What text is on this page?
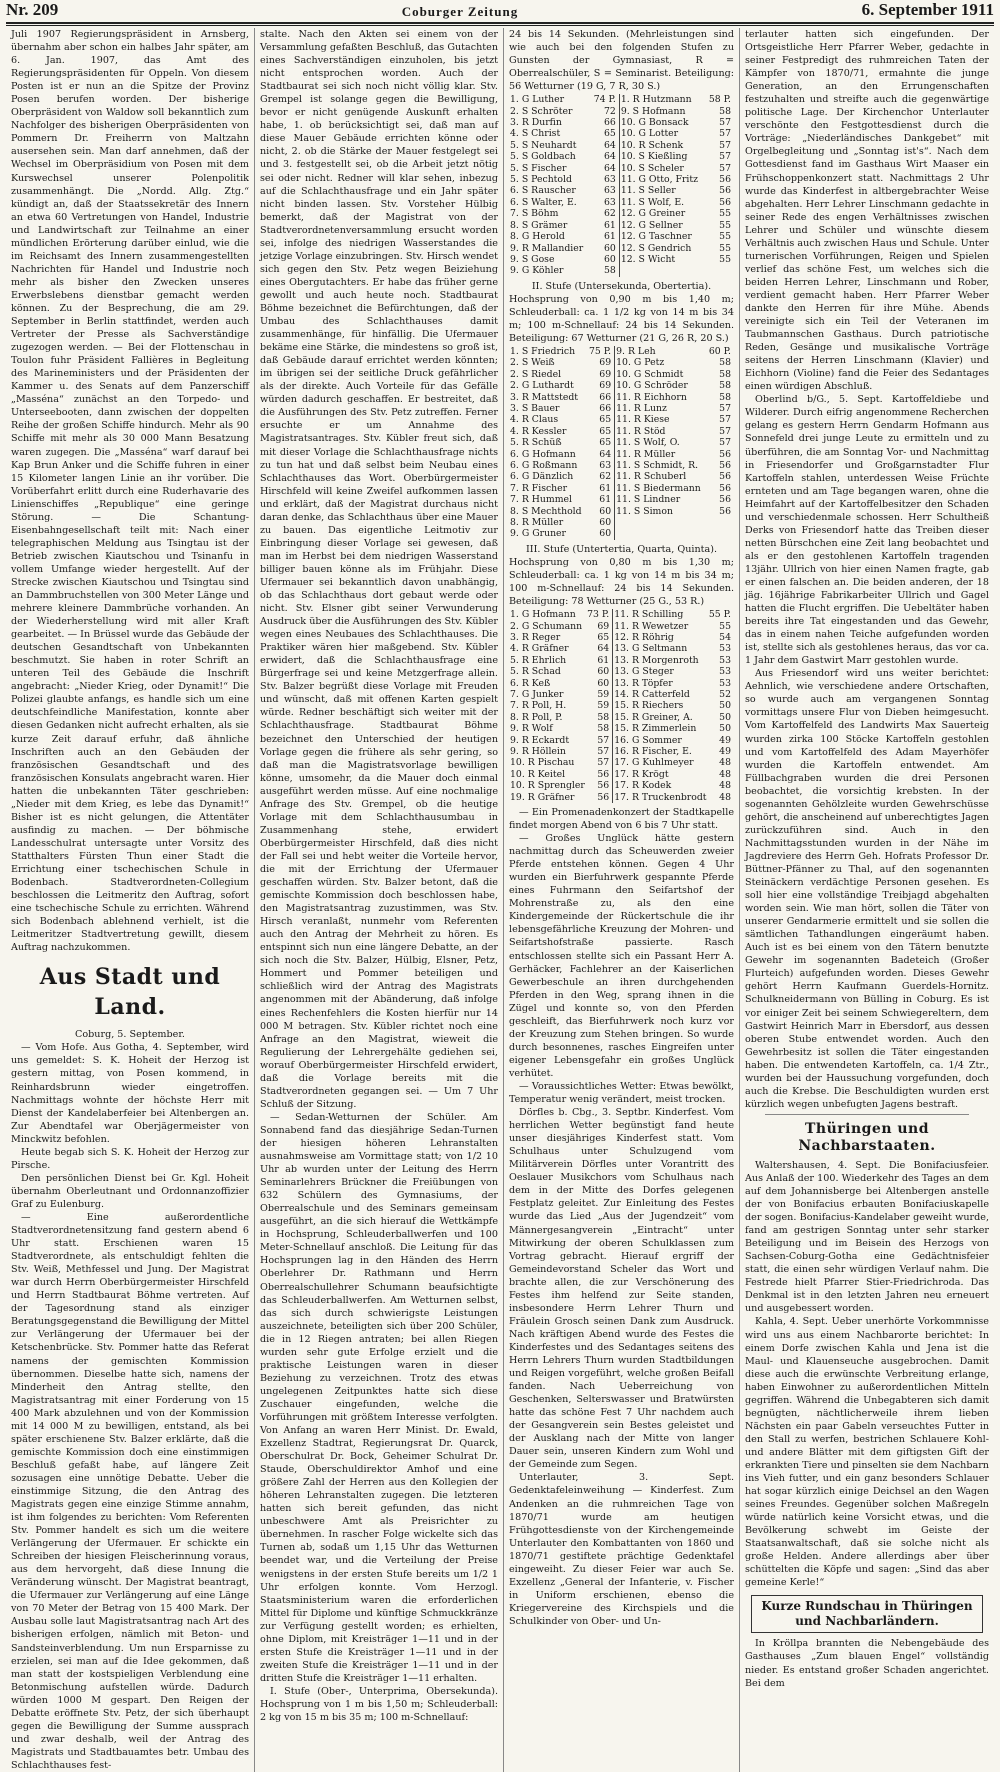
Nr. 209	Coburger Zeitung	6. September 1911

Juli 1907 Regierungspräsident in Arnsberg, übernahm aber schon ein halbes Jahr später, am 6. Jan. 1907, das Amt des Regierungspräsidenten für Oppeln. Von diesem Posten ist er nun an die Spitze der Provinz Posen berufen worden. Der bisherige Oberpräsident von Waldow soll bekanntlich zum Nachfolger des bisherigen Oberpräsidenten von Pommern Dr. Freiherrn von Maltzahn ausersehen sein. Man darf annehmen, daß der Wechsel im Oberpräsidium von Posen mit dem Kurswechsel unserer Polenpolitik zusammenhängt. Die „Nordd. Allg. Ztg.“ kündigt an, daß der Staatssekretär des Innern an etwa 60 Vertretungen von Handel, Industrie und Landwirtschaft zur Teilnahme an einer mündlichen Erörterung darüber einlud, wie die im Reichsamt des Innern zusammengestellten Nachrichten für Handel und Industrie noch mehr als bisher den Zwecken unseres Erwerbslebens dienstbar gemacht werden können. Zu der Besprechung, die am 29. September in Berlin stattfindet, werden auch Vertreter der Presse als Sachverständige zugezogen werden. — Bei der Flottenschau in Toulon fuhr Präsident Fallières in Begleitung des Marineministers und der Präsidenten der Kammer u. des Senats auf dem Panzerschiff „Masséna“ zunächst an den Torpedo- und Unterseebooten, dann zwischen der doppelten Reihe der großen Schiffe hindurch. Mehr als 90 Schiffe mit mehr als 30 000 Mann Besatzung waren zugegen. Die „Masséna“ warf darauf bei Kap Brun Anker und die Schiffe fuhren in einer 15 Kilometer langen Linie an ihr vorüber. Die Vorüberfahrt erlitt durch eine Ruderhavarie des Linienschiffes „Republique“ eine geringe Störung. — Die Schantung-Eisenbahngesellschaft teilt mit: Nach einer telegraphischen Meldung aus Tsingtau ist der Betrieb zwischen Kiautschou und Tsinanfu in vollem Umfange wieder hergestellt. Auf der Strecke zwischen Kiautschou und Tsingtau sind an Dammbruchstellen von 300 Meter Länge und mehrere kleinere Dammbrüche vorhanden. An der Wiederherstellung wird mit aller Kraft gearbeitet. — In Brüssel wurde das Gebäude der deutschen Gesandtschaft von Unbekannten beschmutzt. Sie haben in roter Schrift an unteren Teil des Gebäude die Inschrift angebracht: „Nieder Krieg, oder Dynamit!“ Die Polizei glaubte anfangs, es handle sich um eine deutschfeindliche Manifestation, konnte aber diesen Gedanken nicht aufrecht erhalten, als sie kurze Zeit darauf erfuhr, daß ähnliche Inschriften auch an den Gebäuden der französischen Gesandtschaft und des französischen Konsulats angebracht waren. Hier hatten die unbekannten Täter geschrieben: „Nieder mit dem Krieg, es lebe das Dynamit!“ Bisher ist es nicht gelungen, die Attentäter ausfindig zu machen. — Der böhmische Landesschulrat untersagte unter Vorsitz des Statthalters Fürsten Thun einer Stadt die Errichtung einer tschechischen Schule in Bodenbach. Stadtverordneten-Collegium beschlossen die Leitmeritz den Auftrag, sofort eine tschechische Schule zu errichten. Während sich Bodenbach ablehnend verhielt, ist die Leitmeritzer Stadtvertretung gewillt, diesem Auftrag nachzukommen.

Aus Stadt und Land.

Coburg, 5. September.

— Vom Hofe. Aus Gotha, 4. September, wird uns gemeldet: S. K. Hoheit der Herzog ist gestern mittag, von Posen kommend, in Reinhardsbrunn wieder eingetroffen. Nachmittags wohnte der höchste Herr mit Dienst der Kandelaberfeier bei Altenbergen an. Zur Abendtafel war Oberjägermeister von Minckwitz befohlen.

Heute begab sich S. K. Hoheit der Herzog zur Pirsche.

Den persönlichen Dienst bei Gr. Kgl. Hoheit übernahm Oberleutnant und Ordonnanzoffizier Graf zu Eulenburg.

— Eine außerordentliche Stadtverordnetensitzung fand gestern abend 6 Uhr statt. Erschienen waren 15 Stadtverordnete, als entschuldigt fehlten die Stv. Weiß, Methfessel und Jung. Der Magistrat war durch Herrn Oberbürgermeister Hirschfeld und Herrn Stadtbaurat Böhme vertreten. Auf der Tagesordnung stand als einziger Beratungsgegenstand die Bewilligung der Mittel zur Verlängerung der Ufermauer bei der Ketschenbrücke. Stv. Pommer hatte das Referat namens der gemischten Kommission übernommen. Dieselbe hatte sich, namens der Minderheit den Antrag stellte, den Magistratsantrag mit einer Forderung von 15 400 Mark abzulehnen und von der Kommission mit 14 000 M zu bewilligen, entstand, als bei später erschienene Stv. Balzer erklärte, daß die gemischte Kommission doch eine einstimmigen Beschluß gefaßt habe, auf längere Zeit sozusagen eine unnötige Debatte. Ueber die einstimmige Sitzung, die den Antrag des Magistrats gegen eine einzige Stimme annahm, ist ihm folgendes zu berichten: Vom Referenten Stv. Pommer handelt es sich um die weitere Verlängerung der Ufermauer. Er schickte ein Schreiben der hiesigen Fleischerinnung voraus, aus dem hervorgeht, daß diese Innung die Veränderung wünscht. Der Magistrat beantragt, die Ufermauer zur Verlängerung auf eine Länge von 70 Meter der Betrag von 15 400 Mark. Der Ausbau solle laut Magistratsantrag nach Art des bisherigen erfolgen, nämlich mit Beton- und Sandsteinverblendung. Um nun Ersparnisse zu erzielen, sei man auf die Idee gekommen, daß man statt der kostspieligen Verblendung eine Betonmischung aufstellen würde. Dadurch würden 1000 M gespart. Den Reigen der Debatte eröffnete Stv. Petz, der sich überhaupt gegen die Bewilligung der Summe aussprach und zwar deshalb, weil der Antrag des Magistrats und Stadtbauamtes betr. Umbau des Schlachthauses fest-

stalte. Nach den Akten sei einem von der Versammlung gefaßten Beschluß, das Gutachten eines Sachverständigen einzuholen, bis jetzt nicht entsprochen worden. Auch der Stadtbaurat sei sich noch nicht völlig klar. Stv. Grempel ist solange gegen die Bewilligung, bevor er nicht genügende Auskunft erhalten habe, 1. ob berücksichtigt sei, daß man auf diese Mauer Gebäude errichten könne oder nicht, 2. ob die Stärke der Mauer festgelegt sei und 3. festgestellt sei, ob die Arbeit jetzt nötig sei oder nicht. Redner will klar sehen, inbezug auf die Schlachthausfrage und ein Jahr später nicht binden lassen. Stv. Vorsteher Hülbig bemerkt, daß der Magistrat von der Stadtverordnetenversammlung ersucht worden sei, infolge des niedrigen Wasserstandes die jetzige Vorlage einzubringen. Stv. Hirsch wendet sich gegen den Stv. Petz wegen Beiziehung eines Obergutachters. Er habe das früher gerne gewollt und auch heute noch. Stadtbaurat Böhme bezeichnet die Befürchtungen, daß der Umbau des Schlachthauses damit zusammenhänge, für hinfällig. Die Ufermauer bekäme eine Stärke, die mindestens so groß ist, daß Gebäude darauf errichtet werden könnten; im übrigen sei der seitliche Druck gefährlicher als der direkte. Auch Vorteile für das Gefälle würden dadurch geschaffen. Er bestreitet, daß die Ausführungen des Stv. Petz zutreffen. Ferner ersuchte er um Annahme des Magistratsantrages. Stv. Kübler freut sich, daß mit dieser Vorlage die Schlachthausfrage nichts zu tun hat und daß selbst beim Neubau eines Schlachthauses das Wort. Oberbürgermeister Hirschfeld will keine Zweifel aufkommen lassen und erklärt, daß der Magistrat durchaus nicht daran denke, das Schlachthaus über eine Mauer zu bauen. Das eigentliche Leitmotiv zur Einbringung dieser Vorlage sei gewesen, daß man im Herbst bei dem niedrigen Wasserstand billiger bauen könne als im Frühjahr. Diese Ufermauer sei bekanntlich davon unabhängig, ob das Schlachthaus dort gebaut werde oder nicht. Stv. Elsner gibt seiner Verwunderung Ausdruck über die Ausführungen des Stv. Kübler wegen eines Neubaues des Schlachthauses. Die Praktiker wären hier maßgebend. Stv. Kübler erwidert, daß die Schlachthausfrage eine Bürgerfrage sei und keine Metzgerfrage allein. Stv. Balzer begrüßt diese Vorlage mit Freuden und wünscht, daß mit offenen Karten gespielt würde. Redner beschäftigt sich weiter mit der Schlachthausfrage. Stadtbaurat Böhme bezeichnet den Unterschied der heutigen Vorlage gegen die frühere als sehr gering, so daß man die Magistratsvorlage bewilligen könne, umsomehr, da die Mauer doch einmal ausgeführt werden müsse. Auf eine nochmalige Anfrage des Stv. Grempel, ob die heutige Vorlage mit dem Schlachthausumbau in Zusammenhang stehe, erwidert Oberbürgermeister Hirschfeld, daß dies nicht der Fall sei und hebt weiter die Vorteile hervor, die mit der Errichtung der Ufermauer geschaffen würden. Stv. Balzer betont, daß die gemischte Kommission doch beschlossen habe, den Magistratsantrag zuzustimmen, was Stv. Hirsch veranlaßt, nunmehr vom Referenten auch den Antrag der Mehrheit zu hören. Es entspinnt sich nun eine längere Debatte, an der sich noch die Stv. Balzer, Hülbig, Elsner, Petz, Hommert und Pommer beteiligen und schließlich wird der Antrag des Magistrats angenommen mit der Abänderung, daß infolge eines Rechenfehlers die Kosten hierfür nur 14 000 M betragen. Stv. Kübler richtet noch eine Anfrage an den Magistrat, wieweit die Regulierung der Lehrergehälte gediehen sei, worauf Oberbürgermeister Hirschfeld erwidert, daß die Vorlage bereits mit die Stadtverordneten gegangen sei. — Um 7 Uhr Schluß der Sitzung.

— Sedan-Wetturnen der Schüler. Am Sonnabend fand das diesjährige Sedan-Turnen der hiesigen höheren Lehranstalten ausnahmsweise am Vormittage statt; von 1/2 10 Uhr ab wurden unter der Leitung des Herrn Seminarlehrers Brückner die Freiübungen von 632 Schülern des Gymnasiums, der Oberrealschule und des Seminars gemeinsam ausgeführt, an die sich hierauf die Wettkämpfe in Hochsprung, Schleuderballwerfen und 100 Meter-Schnellauf anschloß. Die Leitung für das Hochsprungen lag in den Händen des Herrn Oberlehrer Dr. Rathmann und Herrn Oberrealschullehrer Schumann beaufsichtigte das Schleuderballwerfen. Am Wetturnen selbst, das sich durch schwierigste Leistungen auszeichnete, beteiligten sich über 200 Schüler, die in 12 Riegen antraten; bei allen Riegen wurden sehr gute Erfolge erzielt und die praktische Leistungen waren in dieser Beziehung zu verzeichnen. Trotz des etwas ungelegenen Zeitpunktes hatte sich diese Zuschauer eingefunden, welche die Vorführungen mit größtem Interesse verfolgten. Von Anfang an waren Herr Minist. Dr. Ewald, Exzellenz Stadtrat, Regierungsrat Dr. Quarck, Oberschulrat Dr. Bock, Geheimer Schulrat Dr. Staude, Oberschuldirektor Amhof und eine größere Zahl der Herren aus den Kollegien der höheren Lehranstalten zugegen. Die letzteren hatten sich bereit gefunden, das nicht unbeschwere Amt als Preisrichter zu übernehmen. In rascher Folge wickelte sich das Turnen ab, sodaß um 1,15 Uhr das Wetturnen beendet war, und die Verteilung der Preise wenigstens in der ersten Stufe bereits um 1/2 1 Uhr erfolgen konnte. Vom Herzogl. Staatsministerium waren die erforderlichen Mittel für Diplome und künftige Schmuckkränze zur Verfügung gestellt worden; es erhielten, ohne Diplom, mit Kreisträger 1—11 und in der ersten Stufe die Kreisträger 1—11 und in der zweiten Stufe die Kreisträger 1—11 und in der dritten Stufe die Kreisträger 1—11 erhalten.

I. Stufe (Ober-, Unterprima, Obersekunda). Hochsprung von 1 m bis 1,50 m; Schleuderball: 2 kg von 15 m bis 35 m; 100 m-Schnellauf:

24 bis 14 Sekunden. (Mehrleistungen sind wie auch bei den folgenden Stufen zu Gunsten der Gymnasiast, R = Oberrealschüler, S = Seminarist. Beteiligung: 56 Wetturner (19 G, 7 R, 30 S.)

1. G Luther	74 P.	1. R Hutzmann	58 P.
2. S Schröter	72	9. S Hofmann	58
3. R Durfin	66	10. G Bonsack	57
4. S Christ	65	10. G Lotter	57
5. S Neuhardt	64	10. R Schenk	57
5. S Goldbach	64	10. S Kießling	57
5. S Fischer	64	10. S Scheler	57
5. S Pechtold	63	11. G Otto, Fritz	56
6. S Rauscher	63	11. S Seller	56
6. S Walter, E.	63	11. S Wolf, E.	56
7. S Böhm	62	12. G Greiner	55
8. S Grämer	61	12. G Sellner	55
8. G Herold	61	12. G Taschner	55
9. R Mallandier	60	12. S Gendrich	55
9. S Gose	60	12. S Wicht	55
9. G Köhler	58		

II. Stufe (Untersekunda, Obertertia).

Hochsprung von 0,90 m bis 1,40 m; Schleuderball: ca. 1 1/2 kg von 14 m bis 34 m; 100 m-Schnellauf: 24 bis 14 Sekunden. Beteiligung: 67 Wetturner (21 G, 26 R, 20 S.)

1. S Friedrich	75 P.	9. R Leh	60 P.
2. S Weiß	69	10. G Petz	58
2. S Riedel	69	10. G Schmidt	58
2. G Luthardt	69	10. G Schröder	58
3. R Mattstedt	66	11. R Eichhorn	58
3. S Bauer	66	11. R Lunz	57
4. R Claus	65	11. R Kiese	57
4. R Kessler	65	11. R Stöd	57
5. R Schüß	65	11. S Wolf, O.	57
6. G Hofmann	64	11. R Müller	56
6. G Roßmann	63	11. S Schmidt, R.	56
6. G Dänzlich	62	11. R Schuberl	56
7. R Fischer	61	11. S Biedermann	56
7. R Hummel	61	11. S Lindner	56
8. S Mechthold	60	11. S Simon	56
8. R Müller	60		
9. G Gruner	60		

III. Stufe (Untertertia, Quarta, Quinta).

Hochsprung von 0,80 m bis 1,30 m; Schleuderball: ca. 1 kg von 14 m bis 34 m; 100 m-Schnellauf: 24 bis 14 Sekunden. Beteiligung: 78 Wetturner (25 G., 53 R.)

1. G Hofmann	73 P.	11. R Schilling	55 P.
2. G Schumann	69	11. R Wewetzer	55
3. R Reger	65	12. R Röhrig	54
4. R Gräfner	64	13. G Seltmann	53
5. R Ehrlich	61	13. R Morgenroth	53
5. R Schad	60	13. G Steger	53
6. R Keß	60	13. R Töpfer	53
7. G Junker	59	14. R Catterfeld	52
7. R Poll, H.	59	15. R Riechers	50
8. R Poll, P.	58	15. R Greiner, A.	50
9. R Wolf	58	15. R Zimmerlein	50
9. R Eckardt	57	16. G Sommer	49
9. R Höllein	57	16. R Fischer, E.	49
10. R Pischau	57	17. G Kuhlmeyer	48
10. R Keitel	56	17. R Krögt	48
10. R Sprengler	56	17. R Kodek	48
19. R Gräfner	56	17. R Truckenbrodt	48

— Ein Promenadenkonzert der Stadtkapelle findet morgen Abend von 6 bis 7 Uhr statt.

— Großes Unglück hätte gestern nachmittag durch das Scheuwerden zweier Pferde entstehen können. Gegen 4 Uhr wurden ein Bierfuhrwerk gespannte Pferde eines Fuhrmann den Seifartshof der Mohrenstraße zu, als den eine Kindergemeinde der Rückertschule die ihr lebensgefährliche Kreuzung der Mohren- und Seifartshofstraße passierte. Rasch entschlossen stellte sich ein Passant Herr A. Gerhäcker, Fachlehrer an der Kaiserlichen Gewerbeschule an ihren durchgehenden Pferden in den Weg, sprang ihnen in die Zügel und konnte so, von den Pferden geschleift, das Bierfuhrwerk noch kurz vor der Kreuzung zum Stehen bringen. So wurde durch besonnenes, rasches Eingreifen unter eigener Lebensgefahr ein großes Unglück verhütet.

— Voraussichtliches Wetter: Etwas bewölkt, Temperatur wenig verändert, meist trocken.

Dörfles b. Cbg., 3. Septbr. Kinderfest. Vom herrlichen Wetter begünstigt fand heute unser diesjähriges Kinderfest statt. Vom Schulhaus unter Schulzugend vom Militärverein Dörfles unter Vorantritt des Oeslauer Musikchors vom Schulhaus nach dem in der Mitte des Dorfes gelegenen Festplatz geleitet. Zur Einleitung des Festes wurde das Lied „Aus der Jugendzeit“ vom Männergesangverein „Eintracht“ unter Mitwirkung der oberen Schulklassen zum Vortrag gebracht. Hierauf ergriff der Gemeindevorstand Scheler das Wort und brachte allen, die zur Verschönerung des Festes ihm helfend zur Seite standen, insbesondere Herrn Lehrer Thurn und Fräulein Grosch seinen Dank zum Ausdruck. Nach kräftigen Abend wurde des Festes die Kinderfestes und des Sedantages seitens des Herrn Lehrers Thurn wurden Stadtbildungen und Reigen vorgeführt, welche großen Beifall fanden. Nach Ueberreichung von Geschenken, Selterswasser und Bratwürsten hatte das schöne Fest 7 Uhr nachdem auch der Gesangverein sein Bestes geleistet und der Ausklang nach der Mitte von langer Dauer sein, unseren Kindern zum Wohl und der Gemeinde zum Segen.

Unterlauter, 3. Sept. Gedenktafeleinweihung — Kinderfest. Zum Andenken an die ruhmreichen Tage von 1870/71 wurde am heutigen Frühgottesdienste von der Kirchengemeinde Unterlauter den Kombattanten von 1860 und 1870/71 gestiftete prächtige Gedenktafel eingeweiht. Zu dieser Feier war auch Se. Exzellenz „General der Infanterie, v. Fischer in Uniform erschienen, ebenso die Kriegervereine des Kirchspiels und die Schulkinder von Ober- und Un-

terlauter hatten sich eingefunden. Der Ortsgeistliche Herr Pfarrer Weber, gedachte in seiner Festpredigt des ruhmreichen Taten der Kämpfer von 1870/71, ermahnte die junge Generation, an den Errungenschaften festzuhalten und streifte auch die gegenwärtige politische Lage. Der Kirchenchor Unterlauter verschönte den Festgottesdienst durch die Vorträge: „Niederländisches Dankgebet“ mit Orgelbegleitung und „Sonntag ist's“. Nach dem Gottesdienst fand im Gasthaus Wirt Maaser ein Frühschoppenkonzert statt. Nachmittags 2 Uhr wurde das Kinderfest in altbergebrachter Weise abgehalten. Herr Lehrer Linschmann gedachte in seiner Rede des engen Verhältnisses zwischen Lehrer und Schüler und wünschte diesem Verhältnis auch zwischen Haus und Schule. Unter turnerischen Vorführungen, Reigen und Spielen verlief das schöne Fest, um welches sich die beiden Herren Lehrer, Linschmann und Rober, verdient gemacht haben. Herr Pfarrer Weber dankte den Herren für ihre Mühe. Abends vereinigte sich ein Teil der Veteranen im Taubmannschen Gasthaus. Durch patriotische Reden, Gesänge und musikalische Vorträge seitens der Herren Linschmann (Klavier) und Eichhorn (Violine) fand die Feier des Sedantages einen würdigen Abschluß.

Oberlind b/G., 5. Sept. Kartoffeldiebe und Wilderer. Durch eifrig angenommene Recherchen gelang es gestern Herrn Gendarm Hofmann aus Sonnefeld drei junge Leute zu ermitteln und zu überführen, die am Sonntag Vor- und Nachmittag in Friesendorfer und Großgarnstadter Flur Kartoffeln stahlen, unterdessen Weise Früchte ernteten und am Tage begangen waren, ohne die Heimfahrt auf der Kartoffelbesitzer den Schaden und verschiedenmale schossen. Herr Schultheiß Derks von Friesendorf hatte das Treiben dieser netten Bürschchen eine Zeit lang beobachtet und als er den gestohlenen Kartoffeln tragenden 13jähr. Ullrich von hier einen Namen fragte, gab er einen falschen an. Die beiden anderen, der 18 jäg. 16jährige Fabrikarbeiter Ullrich und Gagel hatten die Flucht ergriffen. Die Uebeltäter haben bereits ihre Tat eingestanden und das Gewehr, das in einem nahen Teiche aufgefunden worden ist, stellte sich als gestohlenes heraus, das vor ca. 1 Jahr dem Gastwirt Marr gestohlen wurde.

Aus Friesendorf wird uns weiter berichtet: Aehnlich, wie verschiedene andere Ortschaften, so wurde auch am vergangenen Sonntag vormittags unsere Flur von Dieben heimgesucht. Vom Kartoffelfeld des Landwirts Max Sauerteig wurden zirka 100 Stöcke Kartoffeln gestohlen und vom Kartoffelfeld des Adam Mayerhöfer wurden die Kartoffeln entwendet. Am Füllbachgraben wurden die drei Personen beobachtet, die vorsichtig krebsten. In der sogenannten Gehölzleite wurden Gewehrschüsse gehört, die anscheinend auf unberechtigtes Jagen zurückzuführen sind. Auch in den Nachmittagsstunden wurden in der Nähe im Jagdreviere des Herrn Geh. Hofrats Professor Dr. Büttner-Pfänner zu Thal, auf den sogenannten Steinäckern verdächtige Personen gesehen. Es soll hier eine vollständige Treibjagd abgehalten worden sein. Wie man hört, sollen die Täter von unserer Gendarmerie ermittelt und sie sollen die sämtlichen Tathandlungen eingeräumt haben. Auch ist es bei einem von den Tätern benutzte Gewehr im sogenannten Badeteich (Großer Flurteich) aufgefunden worden. Dieses Gewehr gehört Herrn Kaufmann Guerdels-Hornitz. Schulkneidermann von Bülling in Coburg. Es ist vor einiger Zeit bei seinem Schwiegereltern, dem Gastwirt Heinrich Marr in Ebersdorf, aus dessen oberen Stube entwendet worden. Auch den Gewehrbesitz ist sollen die Täter eingestanden haben. Die entwendeten Kartoffeln, ca. 1/4 Ztr., wurden bei der Haussuchung vorgefunden, doch auch die Krebse. Die Beschuldigten wurden erst kürzlich wegen unbefugten Jagens bestraft.

Thüringen und Nachbarstaaten.

Waltershausen, 4. Sept. Die Bonifaciusfeier. Aus Anlaß der 100. Wiederkehr des Tages an dem auf dem Johannisberge bei Altenbergen anstelle der von Bonifacius erbauten Bonifaciuskapelle der sogen. Bonifacius-Kandelaber geweiht wurde, fand am gestrigen Sonntag unter sehr starker Beteiligung und im Beisein des Herzogs von Sachsen-Coburg-Gotha eine Gedächtnisfeier statt, die einen sehr würdigen Verlauf nahm. Die Festrede hielt Pfarrer Stier-Friedrichroda. Das Denkmal ist in den letzten Jahren neu erneuert und ausgebessert worden.

Kahla, 4. Sept. Ueber unerhörte Vorkommnisse wird uns aus einem Nachbarorte berichtet: In einem Dorfe zwischen Kahla und Jena ist die Maul- und Klauenseuche ausgebrochen. Damit diese auch die erwünschte Verbreitung erlange, haben Einwohner zu außerordentlichen Mitteln gegriffen. Während die Unbegabteren sich damit begnügten, nächtlicherweile ihrem lieben Nächsten ein paar Gabeln verseuchtes Futter in den Stall zu werfen, bestrichen Schlauere Kohl- und andere Blätter mit dem giftigsten Gift der erkrankten Tiere und pinselten sie dem Nachbarn ins Vieh futter, und ein ganz besonders Schlauer hat sogar kürzlich einige Deichsel an den Wagen seines Freundes. Gegenüber solchen Maßregeln würde natürlich keine Vorsicht etwas, und die Bevölkerung schwebt im Geiste der Staatsanwaltschaft, daß sie solche nicht als große Helden. Andere allerdings aber über schüttelten die Köpfe und sagen: „Sind das aber gemeine Kerle!“

Kurze Rundschau in Thüringen und Nachbarländern.

In Kröllpa brannten die Nebengebäude des Gasthauses „Zum blauen Engel“ vollständig nieder. Es entstand großer Schaden angerichtet. Bei dem
